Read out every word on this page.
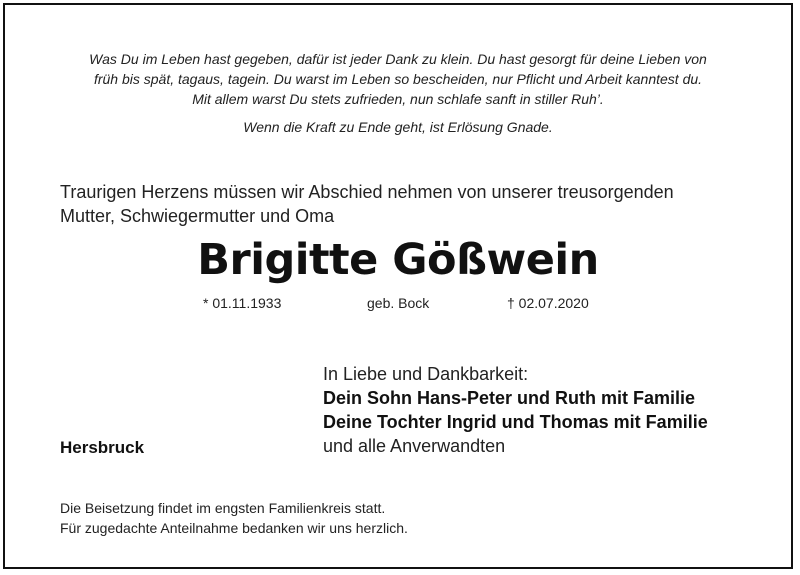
Was Du im Leben hast gegeben, dafür ist jeder Dank zu klein. Du hast gesorgt für deine Lieben von
früh bis spät, tagaus, tagein. Du warst im Leben so bescheiden, nur Pflicht und Arbeit kanntest du.
Mit allem warst Du stets zufrieden, nun schlafe sanft in stiller Ruh’.
Wenn die Kraft zu Ende geht, ist Erlösung Gnade.
Traurigen Herzens müssen wir Abschied nehmen von unserer treusorgenden
Mutter, Schwiegermutter und Oma
Brigitte Gößwein
* 01.11.1933	geb. Bock	† 02.07.2020
In Liebe und Dankbarkeit:
Dein Sohn Hans-Peter und Ruth mit Familie
Deine Tochter Ingrid und Thomas mit Familie
und alle Anverwandten
Hersbruck
Die Beisetzung findet im engsten Familienkreis statt.
Für zugedachte Anteilnahme bedanken wir uns herzlich.
